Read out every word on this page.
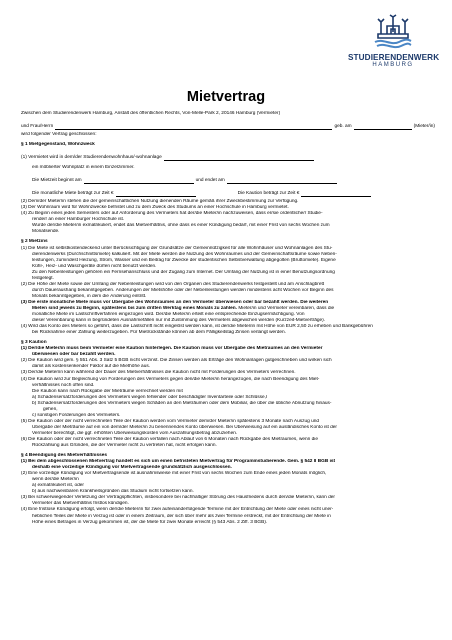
STUDIERENDENWERK
HAMBURG
Mietvertrag
Zwischen dem Studierendenwerk Hamburg, Anstalt des öffentlichen Rechts, Von-Melle-Park 2, 20146 Hamburg (Vermieter)
und Frau/Herrn	geb. am	(Mieter/in)
wird folgender Vertrag geschlossen:
§ 1 Mietgegenstand, Wohnzweck
(1) Vermietet wird in dem/der Studierendenwohnhaus/-wohnanlage
ein möblierter Wohnplatz in einem Einzelzimmer.
Die Mietzeit beginnt am	und endet am
Die monatliche Miete beträgt zur Zeit €	Die Kaution beträgt zur Zeit €
(2) Dem/der Mieter/in stehen die der gemeinschaftlichen Nutzung dienenden Räume gemäß ihrer Zweckbestimmung zur Verfügung.
(3) Der Wohnraum wird für Wohnzwecke befristet und zu dem Zweck des Studiums an einer Hochschule in Hamburg vermietet.
(4) Zu Beginn eines jeden Semesters oder auf Anforderung des Vermieters hat der/die Mieter/in nachzuweisen, dass er/sie ordentliche/r Studie-
rende/r an einer Hamburger Hochschule ist.
Wurde der/die Mieter/in exmatrikuliert, endet das Mietverhältnis, ohne dass es einer Kündigung bedarf, mit einer Frist von sechs Wochen zum
Monatsende.
§ 2 Mietzins
(1) Die Miete ist selbstkostendeckend unter Berücksichtigung der Grundsätze der Gemeinnützigkeit für alle Wohnhäuser und Wohnanlagen des Stu-
dierendenwerks (Durchschnittsmiete) kalkuliert. Mit der Miete werden die Nutzung des Wohnraumes und der Gemeinschaftsräume sowie Neben-
leistungen, zumindest Heizung, Strom, Wasser und ein Beitrag für Zwecke der studentischen Selbstverwaltung abgegolten (Bruttomiete). Eigene
Kühl-, Heiz- und Waschgeräte dürfen nicht benutzt werden.
Zu den Nebenleistungen gehören ein Fernsehanschluss und der Zugang zum Internet. Der Umfang der Nutzung ist in einer Benutzungsordnung
festgelegt.
(2) Die Höhe der Miete sowie der Umfang der Nebenleistungen wird von den Organen des Studierendenwerks festgestellt und am Anschlagbrett
durch Dauerausharig bekanntgegeben. Änderungen der Mietshöhe oder der Nebenleistungen werden mindestens acht Wochen vor Beginn des
Monats bekanntgegeben, in dem die Änderung eintritt.
(3) Die erste monatliche Miete muss vor Übergabe des Wohnraumes an den Vermieter überwiesen oder bar bezahlt werden. Die weiteren
Mieten sind jeweils zu Beginn, spätestens bis zum dritten Werktag eines Monats zu zahlen. Mieter/in und Vermieter vereinbaren, dass die
monatliche Miete im Lastschriftverfahren eingezogen wird. Der/die Mieter/in erteilt eine entsprechende Einzugsermächtigung. Von
dieser Vereinbarung kann in begründeten Ausnahmefällen nur mit Zustimmung des Vermieters abgewichen werden (Kurzzeit-Mietverträge).
(4) Wird das Konto des Mieters so geführt, dass die Lastschrift nicht eingelöst werden kann, ist der/die Mieter/in mit Höhe von EUR 2,50 zu erheben und Bankgebühren
bei Rücknahme einer Zahlung weiterzugeben. Für Mietrückstände können ab dem Fälligkeitstag Zinsen verlangt werden.
§ 3 Kaution
(1) Der/die Mieter/in muss beim Vermieter eine Kaution hinterlegen. Die Kaution muss vor Übergabe des Mietraumes an den Vermieter
überwiesen oder bar bezahlt werden.
(2) Die Kaution wird gem. § 551 Abs. 3 Satz 5 BGB nicht verzinst. Die Zinsen werden als Erträge den Wohnanlagen gutgeschrieben und wirken sich
damit als kostensenkender Faktor auf die Miethöhe aus.
(3) Der/die Mieter/in kann während der Dauer des Mietverhältnisses die Kaution nicht mit Forderungen des Vermieters verrechnen.
(4) Die Kaution wird zur Begleichung von Forderungen des Vermieters gegen den/die Mieter/in herangezogen, die nach Beendigung des Miet-
verhältnisses noch offen sind.
Die Kaution kann nach Rückgabe der Mieträume verrechnet werden mit
a) Schadensersatzforderungen des Vermieters wegen fehlender oder beschädigter Inventarteile oder Schlüsse,l
b) Schadensersatzforderungen des Vermieters wegen Schäden an den Mieträumen oder dem Mobiliar, die über die übliche Abnutzung hinaus-
gehen,
c) sonstigen Forderungen des Vermieters.
(5) Die Kaution oder der nicht verrechneten Teile der Kaution werden vom Vermieter dem/der Mieter/in spätestens 3 Monate nach Auszug und
Übergabe der Mieträume auf ein von dem/der Mieter/in zu benennendes Konto überwiesen. Bei Überweisung auf ein ausländisches Konto ist der
Vermieter berechtigt, die ggf. erhöhten Überweisungskosten vom Auszahlungsbetrag abzuziehen.
(6) Die Kaution oder der nicht verrechneten Teile der Kaution verfallen nach Ablauf von 6 Monaten nach Rückgabe des Mietraumes, wenn die
Rückzahlung aus Gründen, die der Vermieter nicht zu vertreten hat, nicht erfolgen kann.
§ 4 Beendigung des Mietverhältnisses
(1) Bei dem abgeschlossenen Mietvertrag handelt es sich um einen befristeten Mietvertrag für Programmstudierende. Gem. § 542 II BGB ist
deshalb eine vorzeitige Kündigung vor Mietvertragsende grundsätzlich ausgeschlossen.
(2) Eine vorzeitige Kündigung vor Mietvertragsende ist ausnahmsweise mit einer Frist von sechs Wochen zum Ende eines jeden Monats möglich,
wenn der/die Mieter/in
a) exmatrikuliert ist, oder
b) aus nachweisbaren Krankheitsgründen das Studium nicht fortsetzen kann.
(3) Bei schwerwiegender Verletzung der Vertragspflichten, insbesondere bei nachhaltiger Störung des Hausfriedens durch den/die Mieter/in, kann der
Vermieter das Mietverhältnis fristlos kündigen.
(4) Eine fristlose Kündigung erfolgt, wenn der/die Mieter/in für zwei aufeinanderfolgende Termine mit der Entrichtung der Miete oder eines nicht uner-
heblichen Teiles der Miete in Verzug ist oder in einem Zeitraum, der sich über mehr als zwei Termine erstreckt, mit der Entrichtung der Miete in
Höhe eines Betrages in Verzug gekommen ist, der die Miete für zwei Monate erreicht (§ 543 Abs. 2 Ziff. 3 BGB).
